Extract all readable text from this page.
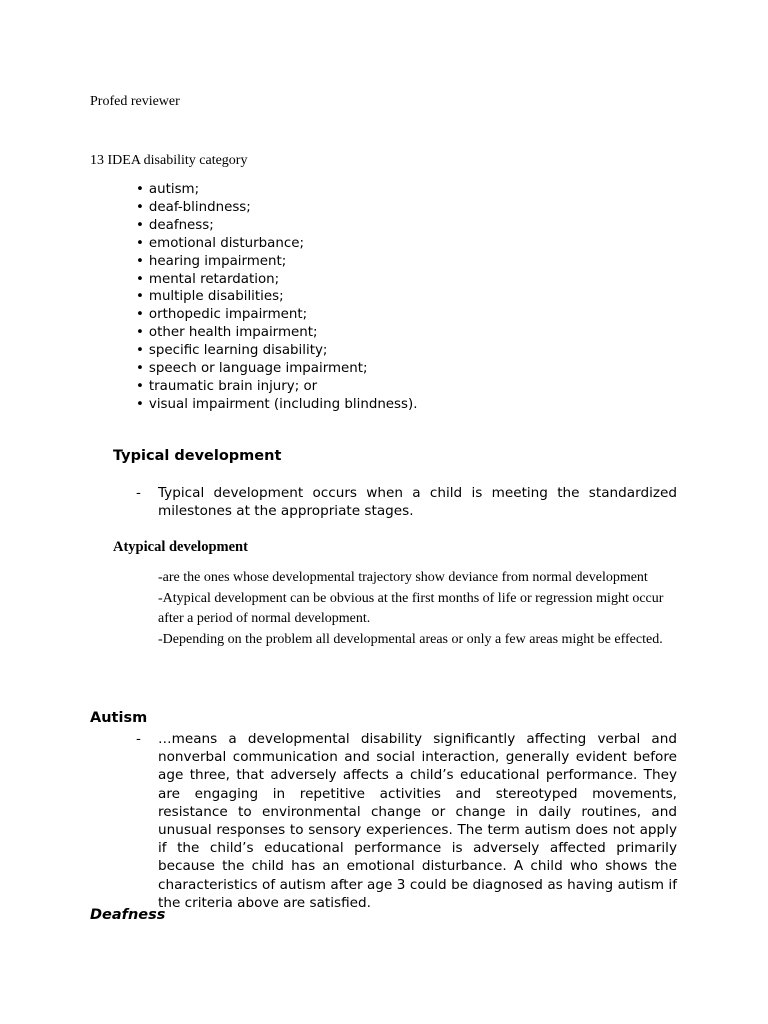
Profed reviewer
13 IDEA disability category
• autism;
• deaf-blindness;
• deafness;
• emotional disturbance;
• hearing impairment;
• mental retardation;
• multiple disabilities;
• orthopedic impairment;
• other health impairment;
• specific learning disability;
• speech or language impairment;
• traumatic brain injury; or
• visual impairment (including blindness).
Typical development
- Typical development occurs when a child is meeting the standardized milestones at the appropriate stages.
Atypical development
-are the ones whose developmental trajectory show deviance from normal development
-Atypical development can be obvious at the first months of life or regression might occur after a period of normal development.
-Depending on the problem all developmental areas or only a few areas might be effected.
Autism
- …means a developmental disability significantly affecting verbal and nonverbal communication and social interaction, generally evident before age three, that adversely affects a child’s educational performance. They are engaging in repetitive activities and stereotyped movements, resistance to environmental change or change in daily routines, and unusual responses to sensory experiences. The term autism does not apply if the child’s educational performance is adversely affected primarily because the child has an emotional disturbance. A child who shows the characteristics of autism after age 3 could be diagnosed as having autism if the criteria above are satisfied.
Deafness
